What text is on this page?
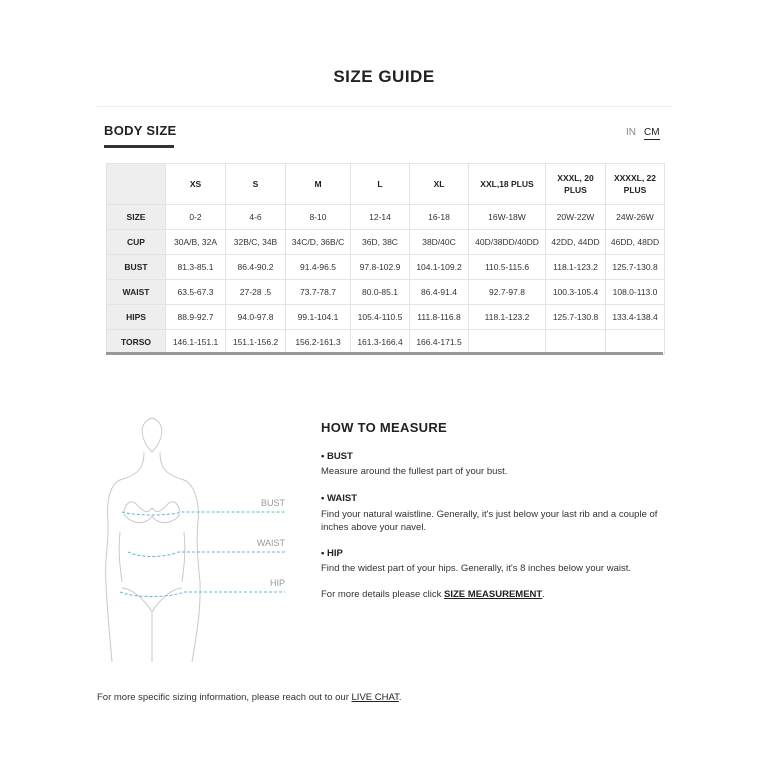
SIZE GUIDE
BODY SIZE	IN CM
	XS	S	M	L	XL	XXL,18 PLUS	XXXL, 20 PLUS	XXXXL, 22 PLUS
SIZE	0-2	4-6	8-10	12-14	16-18	16W-18W	20W-22W	24W-26W
CUP	30A/B, 32A	32B/C, 34B	34C/D, 36B/C	36D, 38C	38D/40C	40D/38DD/40DD	42DD, 44DD	46DD, 48DD
BUST	81.3-85.1	86.4-90.2	91.4-96.5	97.8-102.9	104.1-109.2	110.5-115.6	118.1-123.2	125.7-130.8
WAIST	63.5-67.3	27-28 .5	73.7-78.7	80.0-85.1	86.4-91.4	92.7-97.8	100.3-105.4	108.0-113.0
HIPS	88.9-92.7	94.0-97.8	99.1-104.1	105.4-110.5	111.8-116.8	118.1-123.2	125.7-130.8	133.4-138.4
TORSO	146.1-151.1	151.1-156.2	156.2-161.3	161.3-166.4	166.4-171.5			
BUST
WAIST
HIP
HOW TO MEASURE
• BUST
Measure around the fullest part of your bust.
• WAIST
Find your natural waistline. Generally, it's just below your last rib and a couple of inches above your navel.
• HIP
Find the widest part of your hips. Generally, it's 8 inches below your waist.
For more details please click SIZE MEASUREMENT.
For more specific sizing information, please reach out to our LIVE CHAT.
